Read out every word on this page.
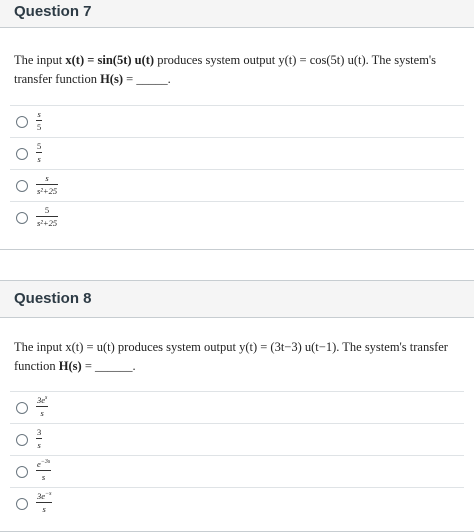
Question 7
The input x(t) = sin(5t) u(t) produces system output y(t) = cos(5t) u(t). The system's transfer function H(s) = _____.
s
5
5
s
s
s²+25
5
s²+25
Question 8
The input x(t) = u(t) produces system output y(t) = (3t−3) u(t−1). The system's transfer function H(s) = ______.
$3e^s$
s
3
s
$e^{-3s}$
s
$3e^{-s}$
s
